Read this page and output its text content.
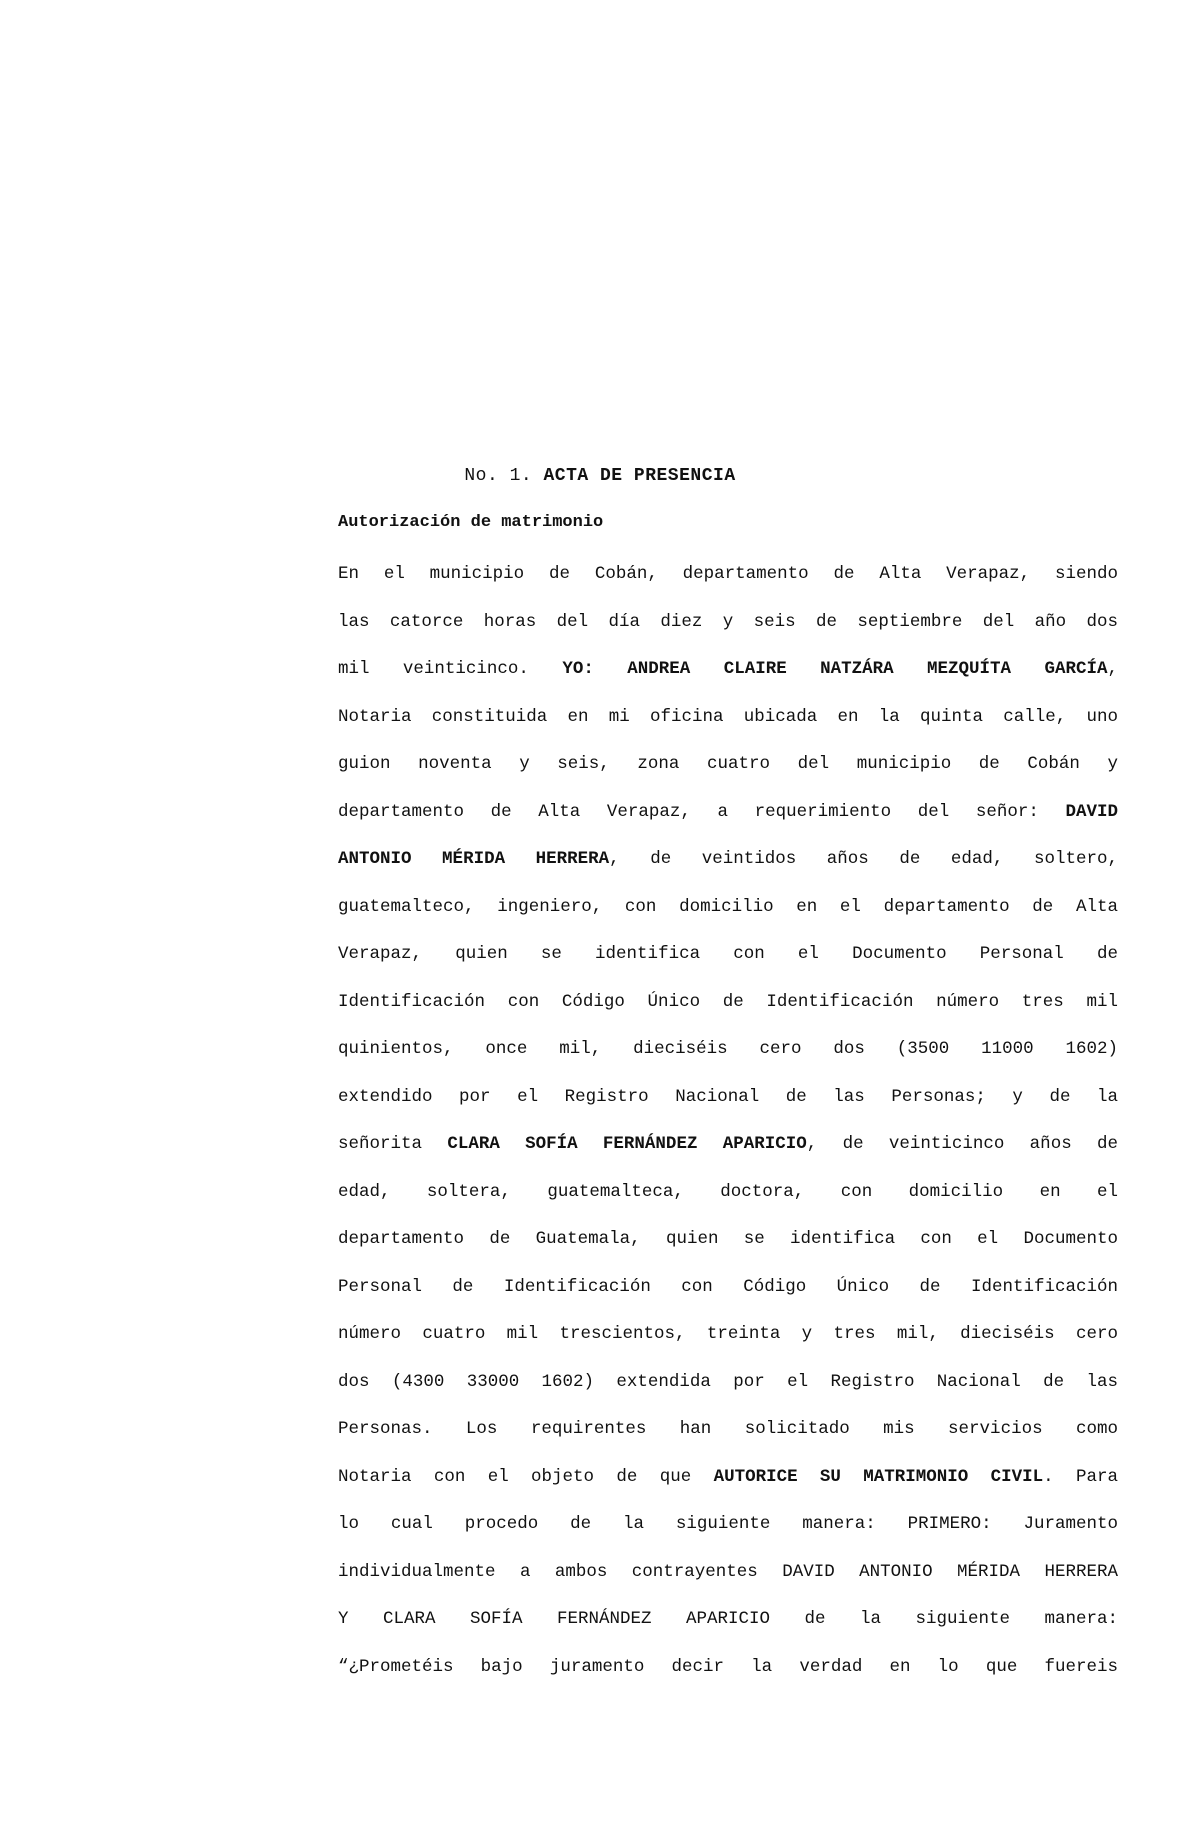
No. 1. ACTA DE PRESENCIA
Autorización de matrimonio
En el municipio de Cobán, departamento de Alta Verapaz, siendo
las catorce horas del día diez y seis de septiembre del año dos
mil veinticinco. YO: ANDREA CLAIRE NATZÁRA MEZQUÍTA GARCÍA,
Notaria constituida en mi oficina ubicada en la quinta calle, uno
guion noventa y seis, zona cuatro del municipio de Cobán y
departamento de Alta Verapaz, a requerimiento del señor: DAVID
ANTONIO MÉRIDA HERRERA, de veintidos años de edad, soltero,
guatemalteco, ingeniero, con domicilio en el departamento de Alta
Verapaz, quien se identifica con el Documento Personal de
Identificación con Código Único de Identificación número tres mil
quinientos, once mil, dieciséis cero dos (3500 11000 1602)
extendido por el Registro Nacional de las Personas; y de la
señorita CLARA SOFÍA FERNÁNDEZ APARICIO, de veinticinco años de
edad, soltera, guatemalteca, doctora, con domicilio en el
departamento de Guatemala, quien se identifica con el Documento
Personal de Identificación con Código Único de Identificación
número cuatro mil trescientos, treinta y tres mil, dieciséis cero
dos (4300 33000 1602) extendida por el Registro Nacional de las
Personas. Los requirentes han solicitado mis servicios como
Notaria con el objeto de que AUTORICE SU MATRIMONIO CIVIL. Para
lo cual procedo de la siguiente manera: PRIMERO: Juramento
individualmente a ambos contrayentes DAVID ANTONIO MÉRIDA HERRERA
Y CLARA SOFÍA FERNÁNDEZ APARICIO de la siguiente manera:
“¿Prometéis bajo juramento decir la verdad en lo que fuereis
